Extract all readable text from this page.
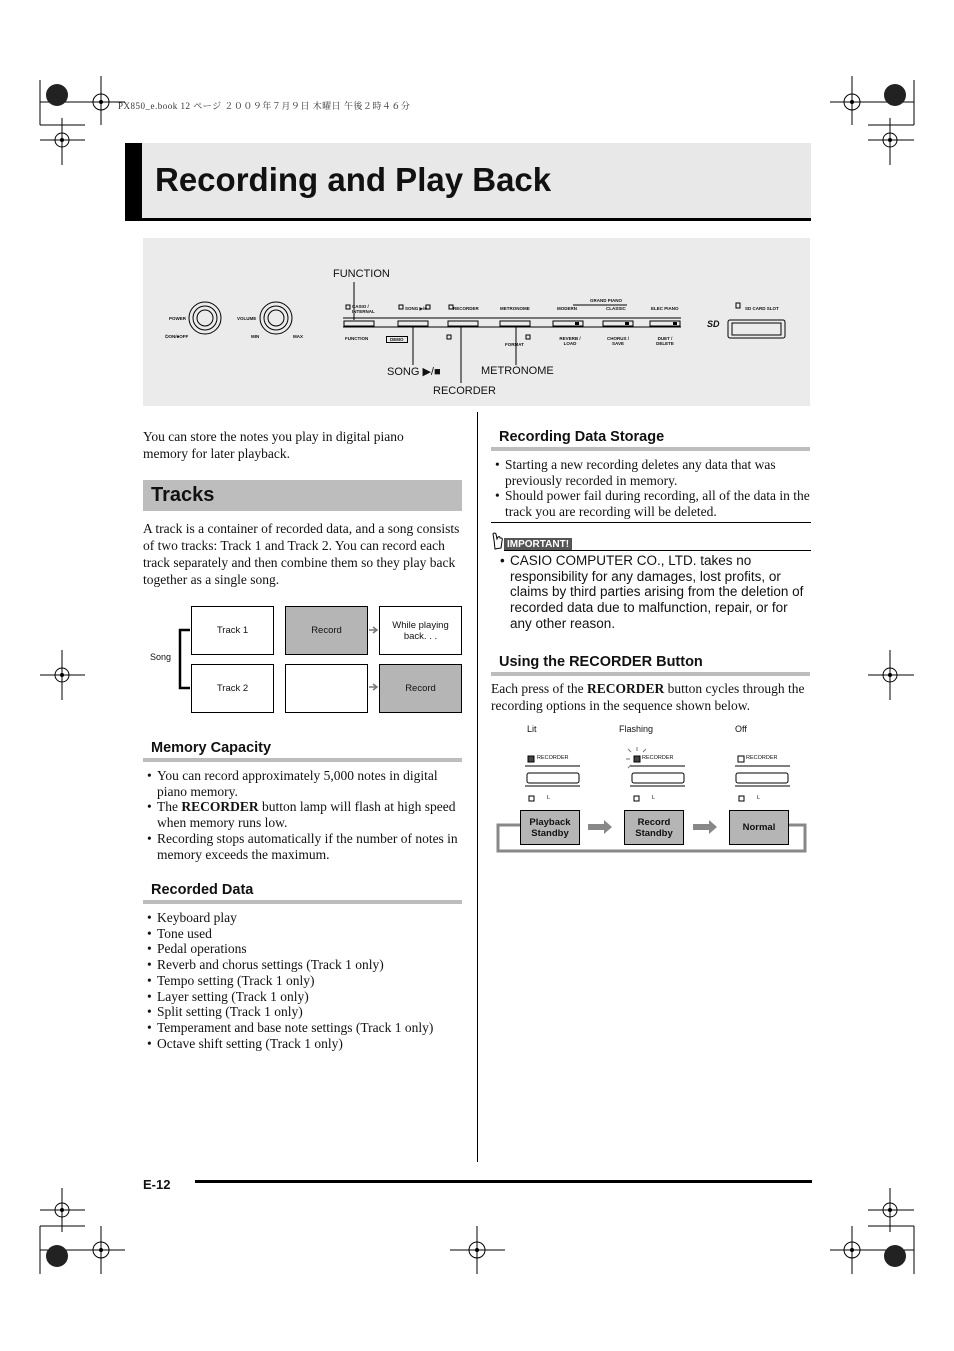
PX850_e.book 12 ページ ２００９年７月９日 木曜日 午後２時４６分
Recording and Play Back
FUNCTION
SONG ▶/■	METRONOME
RECORDER
POWER
⏻ON/■OFF
VOLUME
MIN	MAX
CASIO / INTERNAL
SONG ▶/■	RECORDER	METRONOME	MODERN	CLASSIC	ELEC PIANO
GRAND PIANO
FUNCTION	DEMO
FORMAT
REVERB / LOAD
CHORUS / SAVE
DUET / DELETE
SD CARD SLOT
SD
You can store the notes you play in digital piano memory for later playback.
Tracks
A track is a container of recorded data, and a song consists of two tracks: Track 1 and Track 2. You can record each track separately and then combine them so they play back together as a single song.
Song
Track 1
Track 2
Record	While playing back. . .
Record
Memory Capacity
• You can record approximately 5,000 notes in digital piano memory.
• The RECORDER button lamp will flash at high speed when memory runs low.
• Recording stops automatically if the number of notes in memory exceeds the maximum.
Recorded Data
• Keyboard play
• Tone used
• Pedal operations
• Reverb and chorus settings (Track 1 only)
• Tempo setting (Track 1 only)
• Layer setting (Track 1 only)
• Split setting (Track 1 only)
• Temperament and base note settings (Track 1 only)
• Octave shift setting (Track 1 only)
Recording Data Storage
• Starting a new recording deletes any data that was previously recorded in memory.
• Should power fail during recording, all of the data in the track you are recording will be deleted.
IMPORTANT!
• CASIO COMPUTER CO., LTD. takes no responsibility for any damages, lost profits, or claims by third parties arising from the deletion of recorded data due to malfunction, repair, or for any other reason.
Using the RECORDER Button
Each press of the RECORDER button cycles through the recording options in the sequence shown below.
Lit	Flashing	Off
RECORDER	RECORDER	RECORDER
L	L	L
Playback Standby
Record Standby	Normal
E-12
